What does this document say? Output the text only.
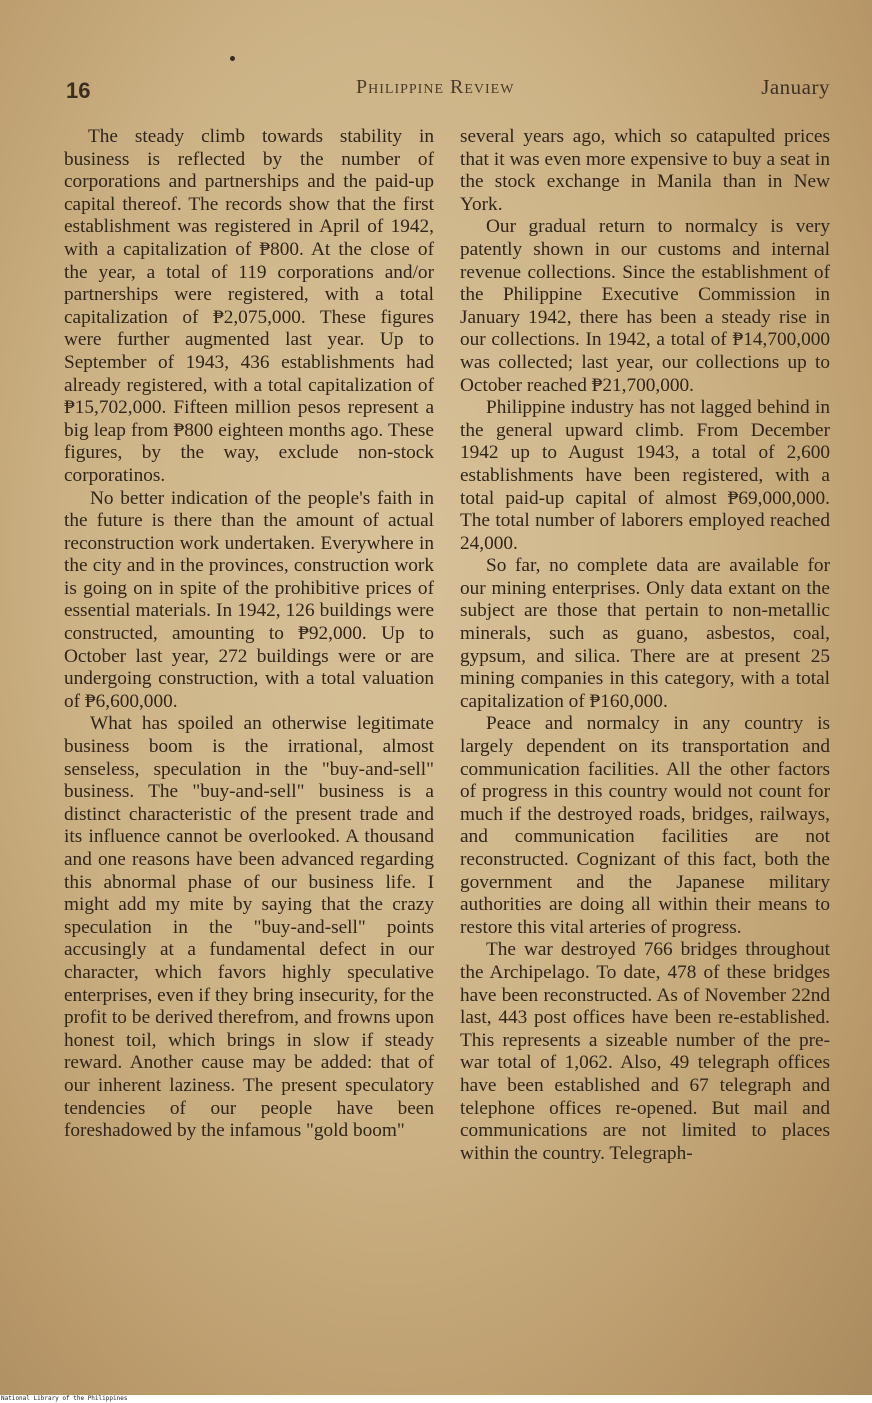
16	Philippine Review	January

The steady climb towards stability in business is reflected by the number of corporations and partnerships and the paid-up capital thereof. The records show that the first establishment was registered in April of 1942, with a capitalization of ₱800. At the close of the year, a total of 119 corporations and/or partnerships were registered, with a total capitalization of ₱2,075,000. These figures were further augmented last year. Up to September of 1943, 436 establishments had already registered, with a total capitalization of ₱15,702,000. Fifteen million pesos represent a big leap from ₱800 eighteen months ago. These figures, by the way, exclude non-stock corporatinos.

No better indication of the people's faith in the future is there than the amount of actual reconstruction work undertaken. Everywhere in the city and in the provinces, construction work is going on in spite of the prohibitive prices of essential materials. In 1942, 126 buildings were constructed, amounting to ₱92,000. Up to October last year, 272 buildings were or are undergoing construction, with a total valuation of ₱6,600,000.

What has spoiled an otherwise legitimate business boom is the irrational, almost senseless, speculation in the "buy-and-sell" business. The "buy-and-sell" business is a distinct characteristic of the present trade and its influence cannot be overlooked. A thousand and one reasons have been advanced regarding this abnormal phase of our business life. I might add my mite by saying that the crazy speculation in the "buy-and-sell" points accusingly at a fundamental defect in our character, which favors highly speculative enterprises, even if they bring insecurity, for the profit to be derived therefrom, and frowns upon honest toil, which brings in slow if steady reward. Another cause may be added: that of our inherent laziness. The present speculatory tendencies of our people have been foreshadowed by the infamous "gold boom"

several years ago, which so catapulted prices that it was even more expensive to buy a seat in the stock exchange in Manila than in New York.

Our gradual return to normalcy is very patently shown in our customs and internal revenue collections. Since the establishment of the Philippine Executive Commission in January 1942, there has been a steady rise in our collections. In 1942, a total of ₱14,700,000 was collected; last year, our collections up to October reached ₱21,700,000.

Philippine industry has not lagged behind in the general upward climb. From December 1942 up to August 1943, a total of 2,600 establishments have been registered, with a total paid-up capital of almost ₱69,000,000. The total number of laborers employed reached 24,000.

So far, no complete data are available for our mining enterprises. Only data extant on the subject are those that pertain to non-metallic minerals, such as guano, asbestos, coal, gypsum, and silica. There are at present 25 mining companies in this category, with a total capitalization of ₱160,000.

Peace and normalcy in any country is largely dependent on its transportation and communication facilities. All the other factors of progress in this country would not count for much if the destroyed roads, bridges, railways, and communication facilities are not reconstructed. Cognizant of this fact, both the government and the Japanese military authorities are doing all within their means to restore this vital arteries of progress.

The war destroyed 766 bridges throughout the Archipelago. To date, 478 of these bridges have been reconstructed. As of November 22nd last, 443 post offices have been re-established. This represents a sizeable number of the pre-war total of 1,062. Also, 49 telegraph offices have been established and 67 telegraph and telephone offices re-opened. But mail and communications are not limited to places within the country. Telegraph-

National Library of the Philippines
